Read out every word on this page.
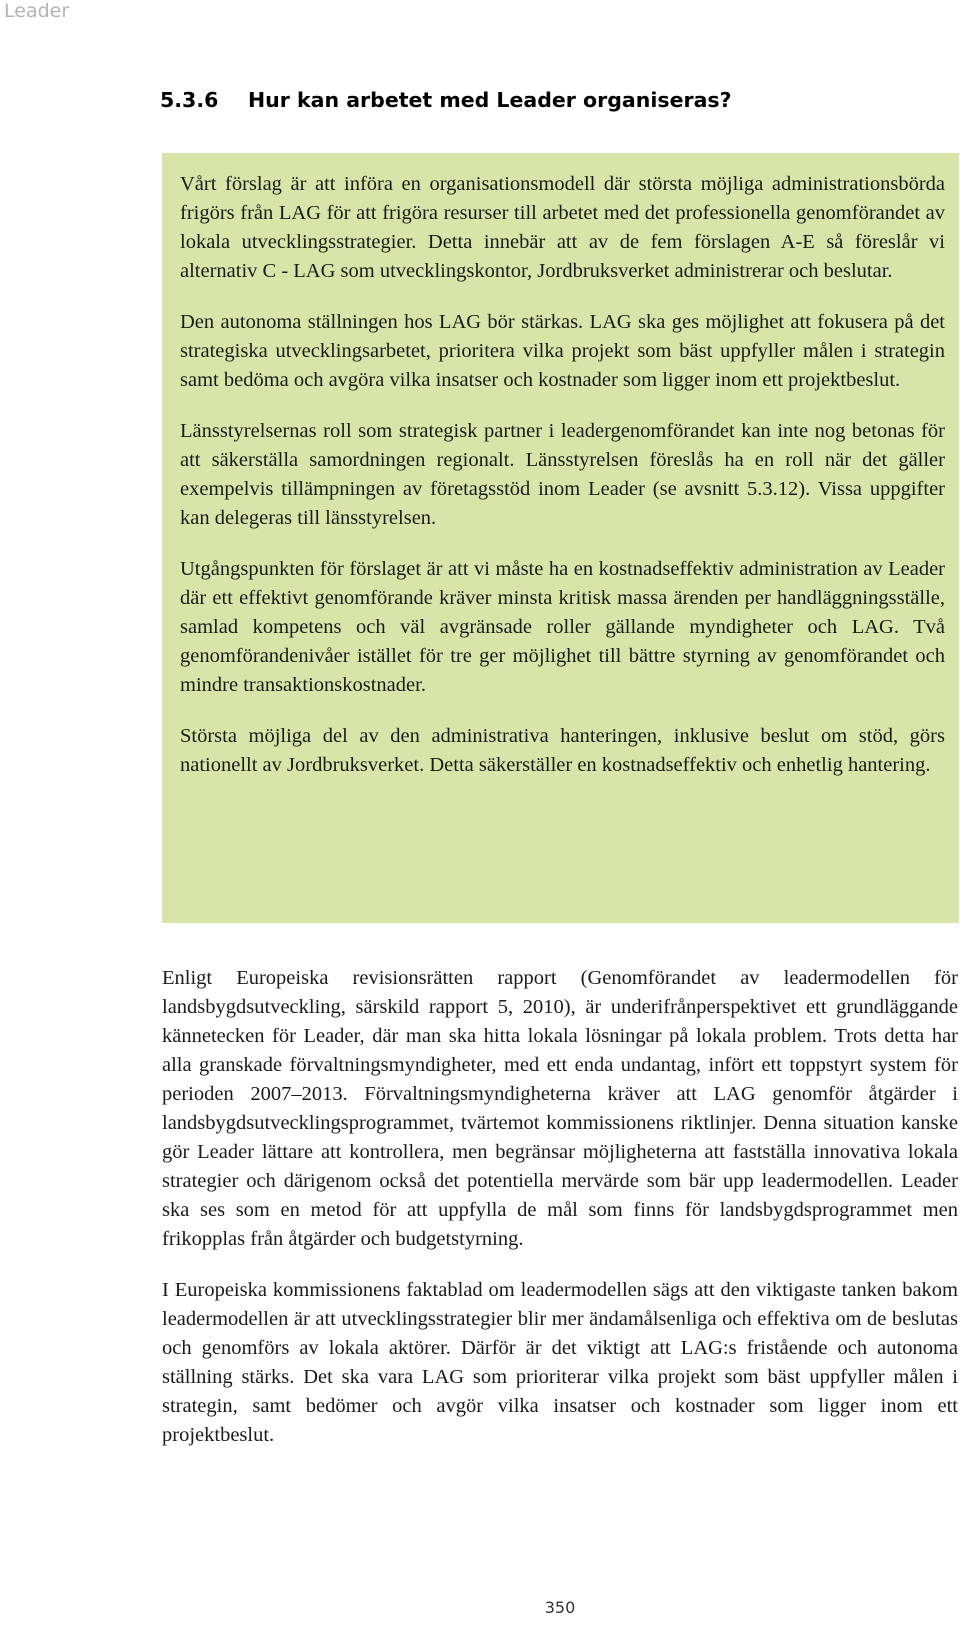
Leader
5.3.6 Hur kan arbetet med Leader organiseras?

Vårt förslag är att införa en organisationsmodell där största möjliga administrationsbörda frigörs från LAG för att frigöra resurser till arbetet med det professionella genomförandet av lokala utvecklingsstrategier. Detta innebär att av de fem förslagen A-E så föreslår vi alternativ C - LAG som utvecklingskontor, Jordbruksverket administrerar och beslutar.

Den autonoma ställningen hos LAG bör stärkas. LAG ska ges möjlighet att fokusera på det strategiska utvecklingsarbetet, prioritera vilka projekt som bäst uppfyller målen i strategin samt bedöma och avgöra vilka insatser och kostnader som ligger inom ett projektbeslut.

Länsstyrelsernas roll som strategisk partner i leadergenomförandet kan inte nog betonas för att säkerställa samordningen regionalt. Länsstyrelsen föreslås ha en roll när det gäller exempelvis tillämpningen av företagsstöd inom Leader (se avsnitt 5.3.12). Vissa uppgifter kan delegeras till länsstyrelsen.

Utgångspunkten för förslaget är att vi måste ha en kostnadseffektiv administration av Leader där ett effektivt genomförande kräver minsta kritisk massa ärenden per handläggningsställe, samlad kompetens och väl avgränsade roller gällande myndigheter och LAG. Två genomförandenivåer istället för tre ger möjlighet till bättre styrning av genomförandet och mindre transaktionskostnader.

Största möjliga del av den administrativa hanteringen, inklusive beslut om stöd, görs nationellt av Jordbruksverket. Detta säkerställer en kostnadseffektiv och enhetlig hantering.

Enligt Europeiska revisionsrätten rapport (Genomförandet av leadermodellen för landsbygdsutveckling, särskild rapport 5, 2010), är underifrånperspektivet ett grundläggande kännetecken för Leader, där man ska hitta lokala lösningar på lokala problem. Trots detta har alla granskade förvaltningsmyndigheter, med ett enda undantag, infört ett toppstyrt system för perioden 2007–2013. Förvaltningsmyndigheterna kräver att LAG genomför åtgärder i landsbygdsutvecklingsprogrammet, tvärtemot kommissionens riktlinjer. Denna situation kanske gör Leader lättare att kontrollera, men begränsar möjligheterna att fastställa innovativa lokala strategier och därigenom också det potentiella mervärde som bär upp leadermodellen. Leader ska ses som en metod för att uppfylla de mål som finns för landsbygdsprogrammet men frikopplas från åtgärder och budgetstyrning.

I Europeiska kommissionens faktablad om leadermodellen sägs att den viktigaste tanken bakom leadermodellen är att utvecklingsstrategier blir mer ändamålsenliga och effektiva om de beslutas och genomförs av lokala aktörer. Därför är det viktigt att LAG:s fristående och autonoma ställning stärks. Det ska vara LAG som prioriterar vilka projekt som bäst uppfyller målen i strategin, samt bedömer och avgör vilka insatser och kostnader som ligger inom ett projektbeslut.

350
